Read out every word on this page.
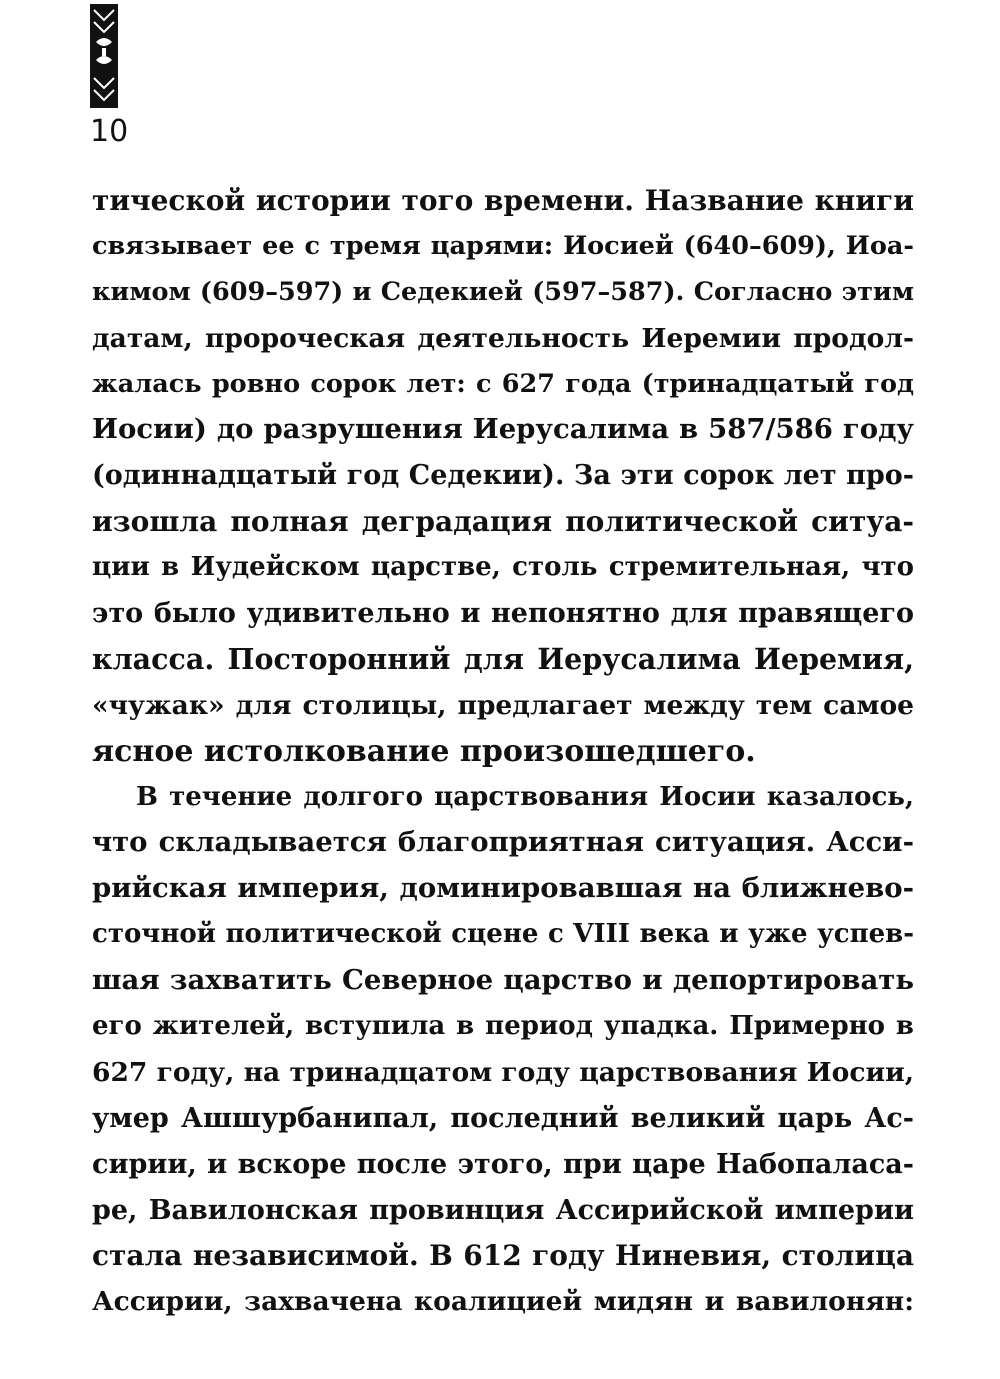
10
тической истории того времени. Название книги
связывает ее с тремя царями: Иосией (640–609), Иоа-
кимом (609–597) и Седекией (597–587). Согласно этим
датам, пророческая деятельность Иеремии продол-
жалась ровно сорок лет: с 627 года (тринадцатый год
Иосии) до разрушения Иерусалима в 587/586 году
(одиннадцатый год Седекии). За эти сорок лет про-
изошла полная деградация политической ситуа-
ции в Иудейском царстве, столь стремительная, что
это было удивительно и непонятно для правящего
класса. Посторонний для Иерусалима Иеремия,
«чужак» для столицы, предлагает между тем самое
ясное истолкование произошедшего.
В течение долгого царствования Иосии казалось,
что складывается благоприятная ситуация. Асси-
рийская империя, доминировавшая на ближнево-
сточной политической сцене с VIII века и уже успев-
шая захватить Северное царство и депортировать
его жителей, вступила в период упадка. Примерно в
627 году, на тринадцатом году царствования Иосии,
умер Ашшурбанипал, последний великий царь Ас-
сирии, и вскоре после этого, при царе Набопаласа-
ре, Вавилонская провинция Ассирийской империи
стала независимой. В 612 году Ниневия, столица
Ассирии, захвачена коалицией мидян и вавилонян:
